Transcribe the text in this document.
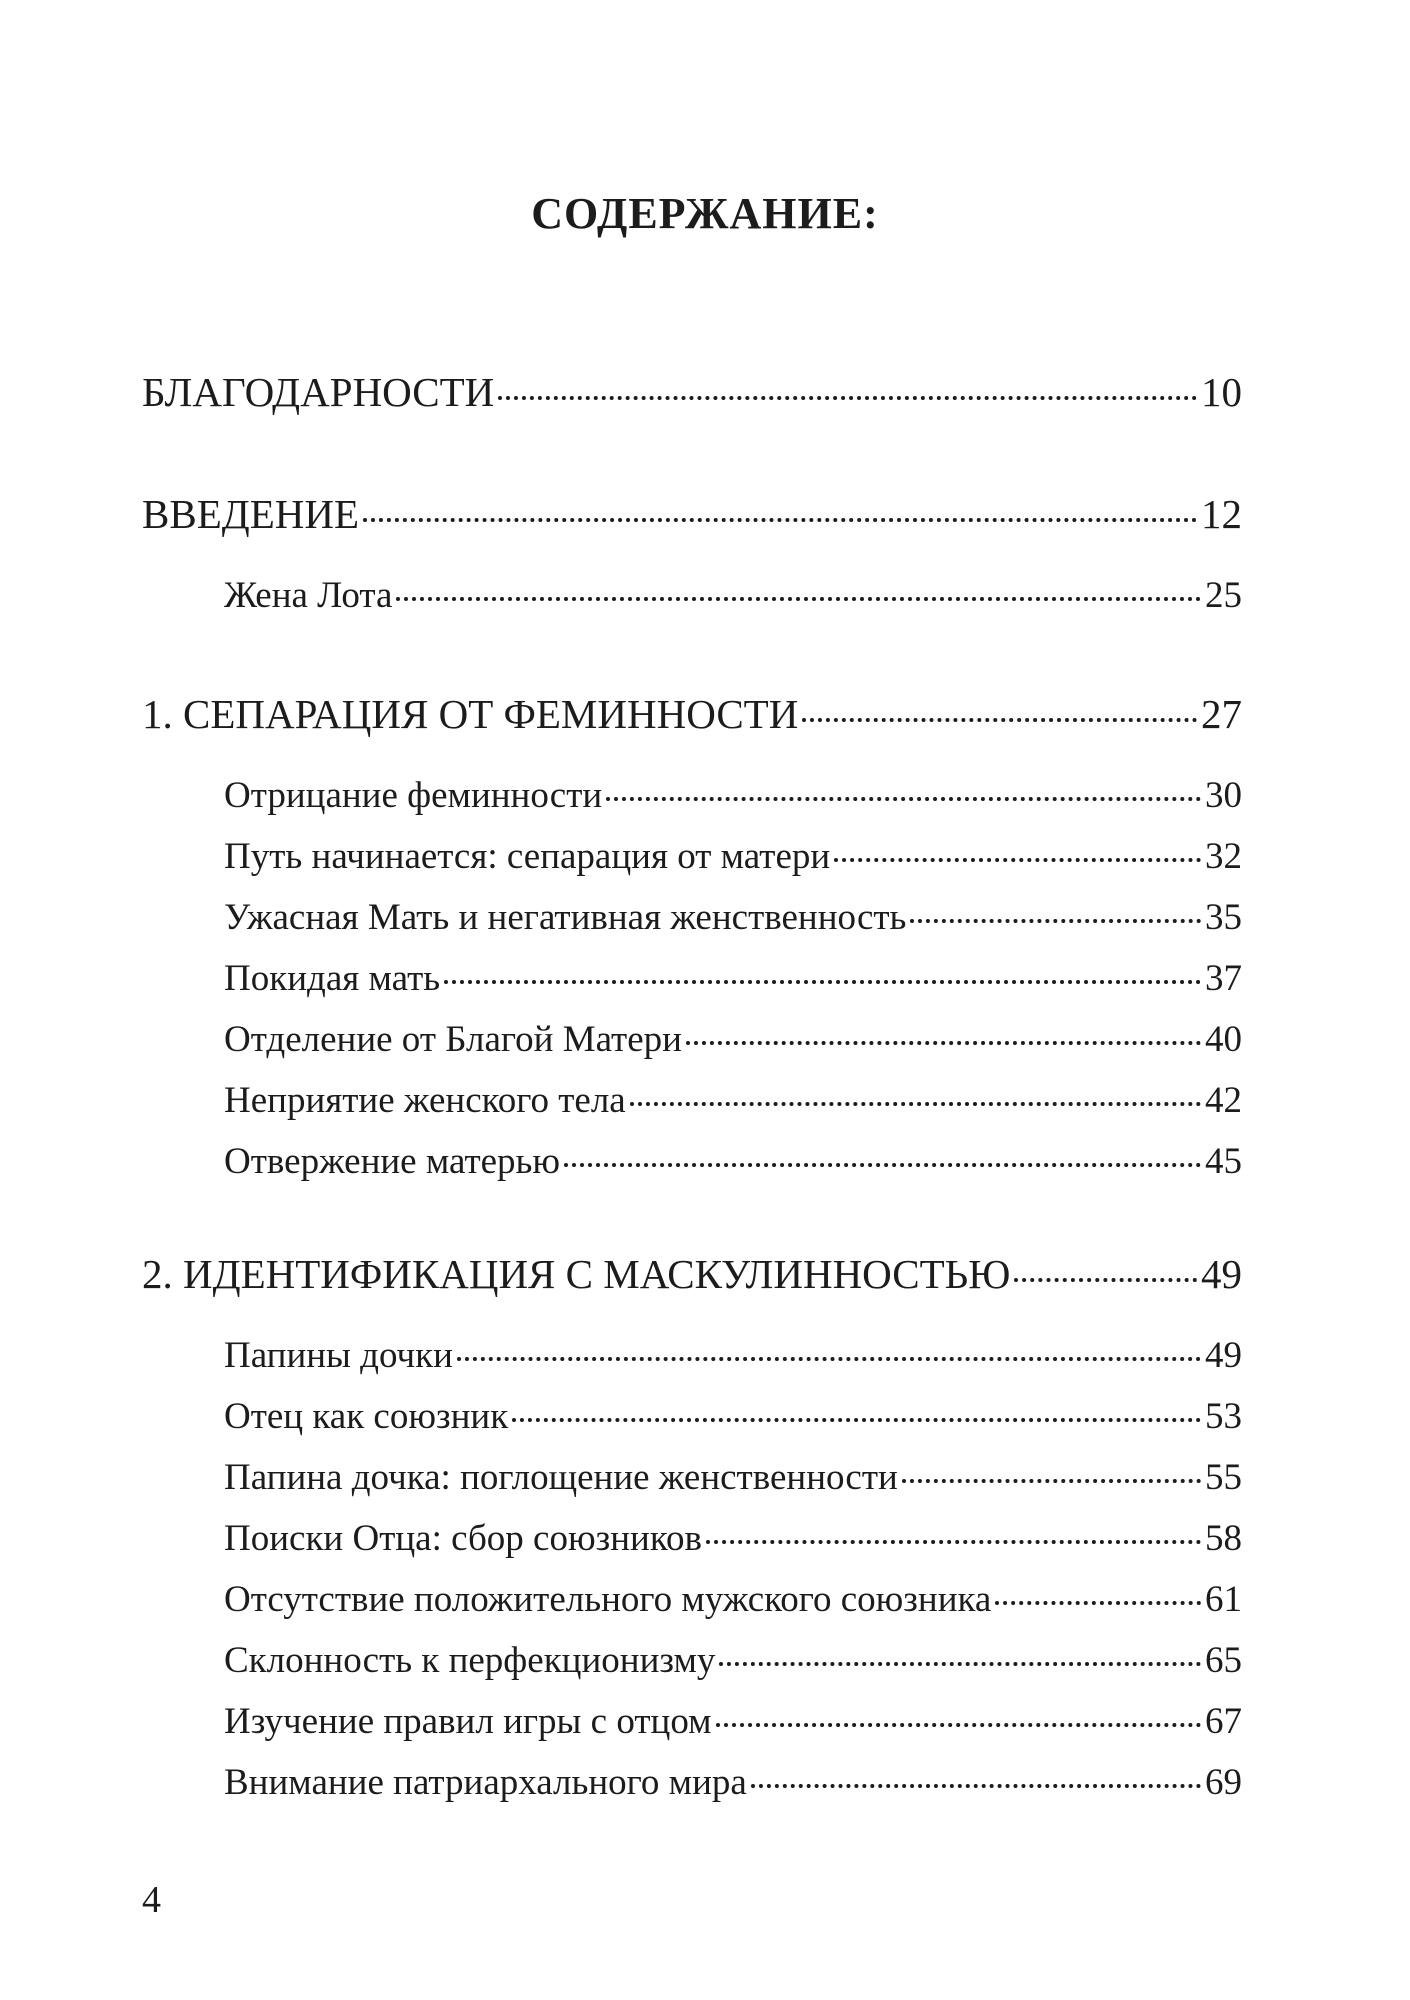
СОДЕРЖАНИЕ:
БЛАГОДАРНОСТИ	10
ВВЕДЕНИЕ	12
Жена Лота	25
1. СЕПАРАЦИЯ ОТ ФЕМИННОСТИ	27
Отрицание феминности	30
Путь начинается: сепарация от матери	32
Ужасная Мать и негативная женственность	35
Покидая мать	37
Отделение от Благой Матери	40
Неприятие женского тела	42
Отвержение матерью	45
2. ИДЕНТИФИКАЦИЯ С МАСКУЛИННОСТЬЮ	49
Папины дочки	49
Отец как союзник	53
Папина дочка: поглощение женственности	55
Поиски Отца: сбор союзников	58
Отсутствие положительного мужского союзника	61
Склонность к перфекционизму	65
Изучение правил игры с отцом	67
Внимание патриархального мира	69
4
